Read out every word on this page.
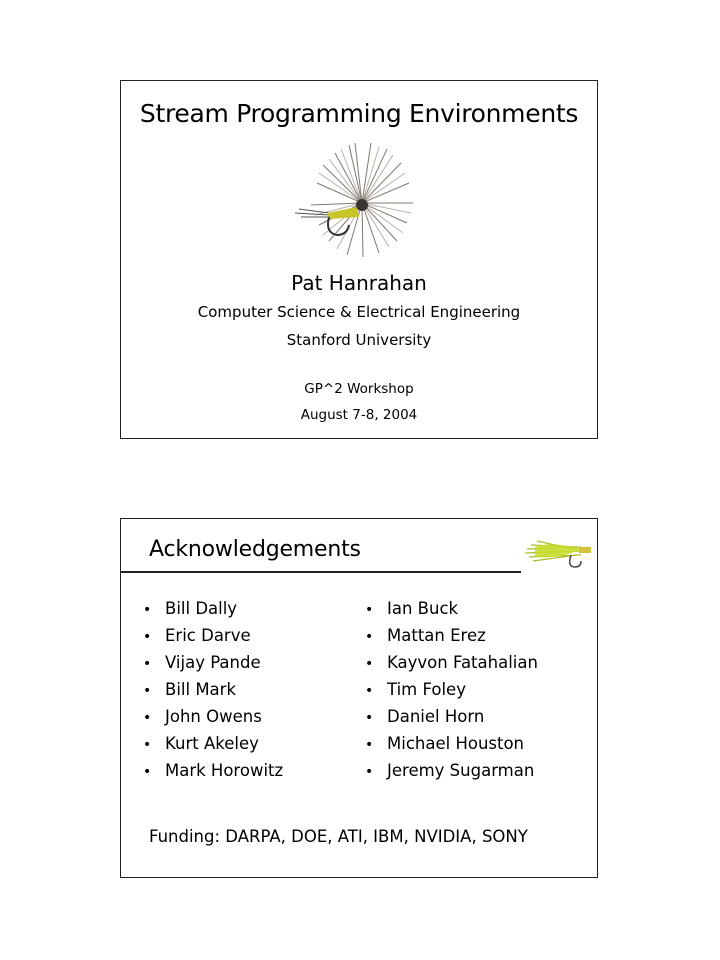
Stream Programming Environments
Pat Hanrahan
Computer Science & Electrical Engineering
Stanford University
GP^2 Workshop
August 7-8, 2004
Acknowledgements
• Bill Dally
• Eric Darve
• Vijay Pande
• Bill Mark
• John Owens
• Kurt Akeley
• Mark Horowitz
• Ian Buck
• Mattan Erez
• Kayvon Fatahalian
• Tim Foley
• Daniel Horn
• Michael Houston
• Jeremy Sugarman
Funding: DARPA, DOE, ATI, IBM, NVIDIA, SONY
